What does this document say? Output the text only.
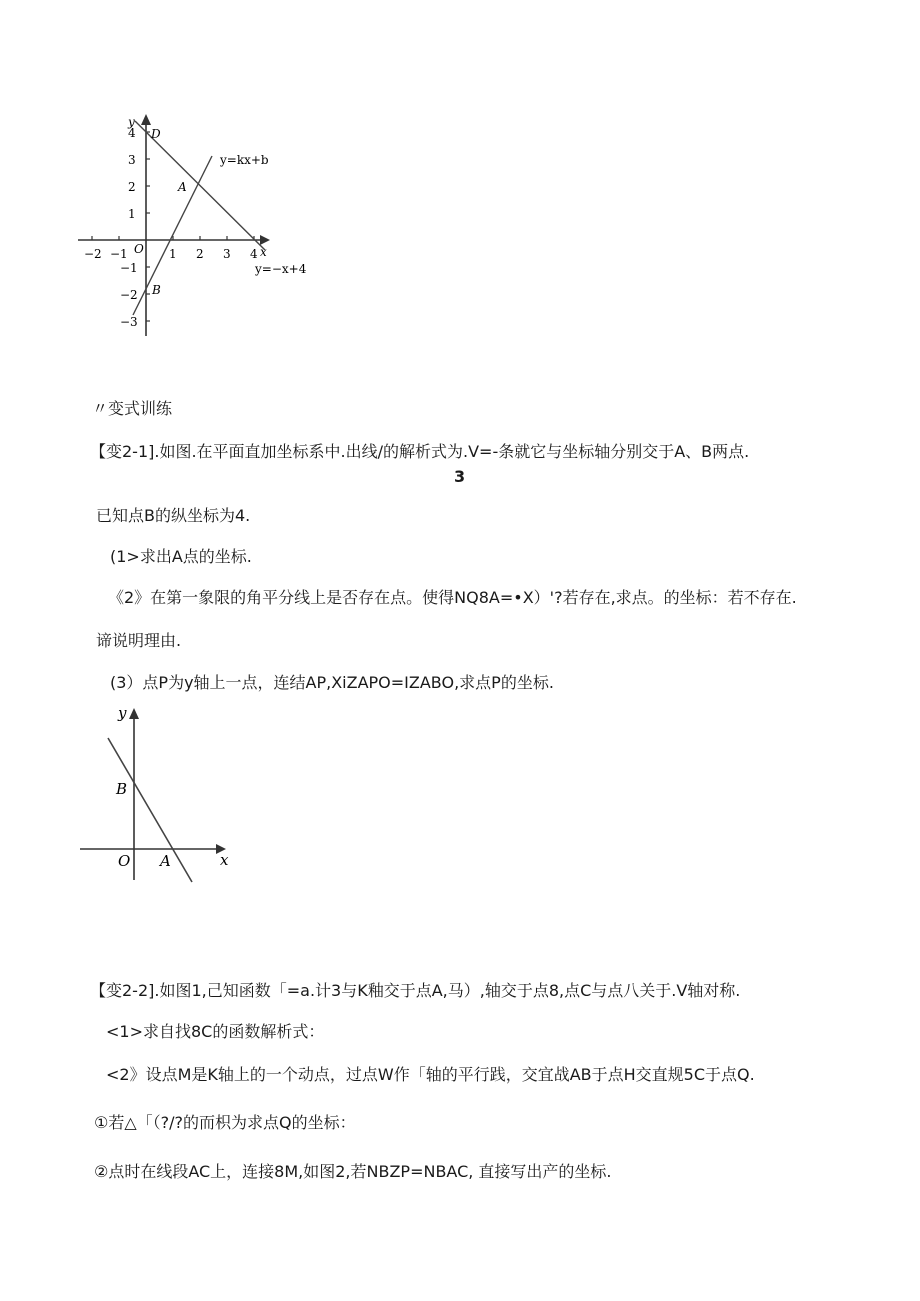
y
x
O
−2 −1	1 2 3 4
4
3
2
1
−1
−2
−3
D
A
B
y=kx+b
y=−x+4
〃变式训练
【变2-1].如图.在平面直加坐标系中.出线/的解析式为.V=-条就它与坐标轴分别交于A、B两点.
3
已知点B的纵坐标为4.
(1>求出A点的坐标.
《2》在第一象限的角平分线上是否存在点。使得NQ8A=•X）'?若存在,求点。的坐标：若不存在.
谛说明理由.
(3）点P为y轴上一点，连结AP,XiZAPO=IZABO,求点P的坐标.
y
x
O A
B
【变2-2].如图1,己知函数「=a.计3与K釉交于点A,马）,轴交于点8,点C与点八关于.V轴对称.
<1>求自找8C的函数解析式：
<2》设点M是K轴上的一个动点，过点W作「轴的平行践，交宜战AB于点H交直规5C于点Q.
①若△「（?/?的而枳为求点Q的坐标：
②点时在线段AC上，连接8M,如图2,若NBZP=NBAC, 直接写出产的坐标.
